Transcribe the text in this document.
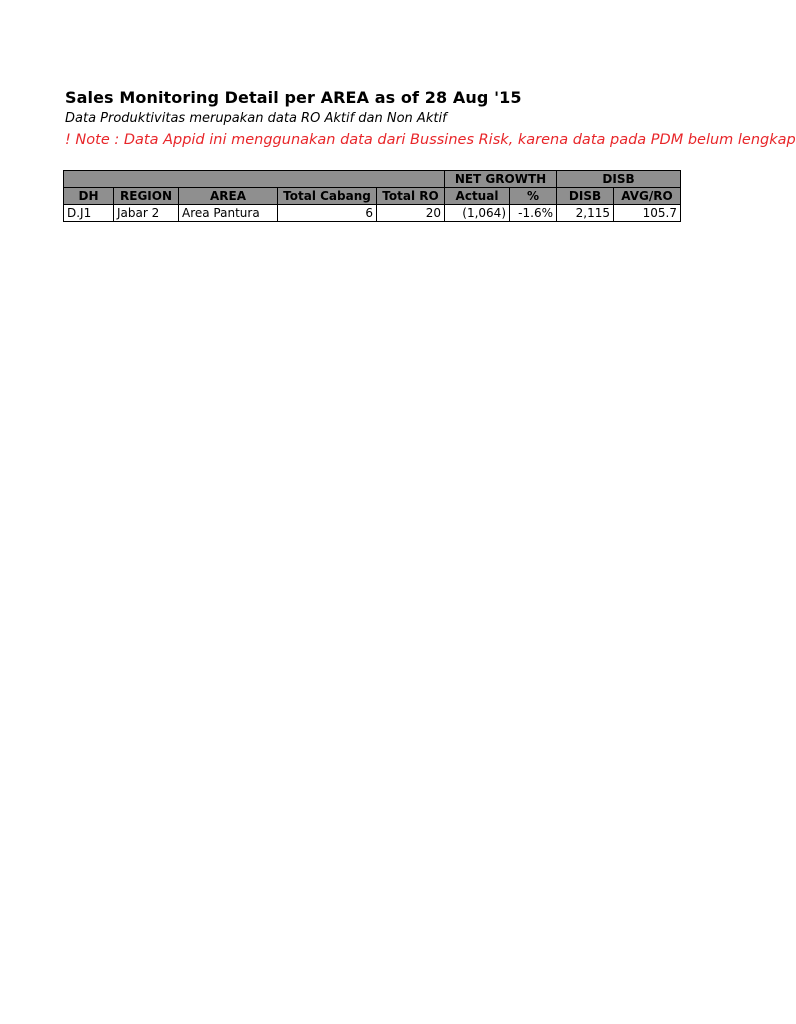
Sales Monitoring Detail per AREA as of 28 Aug '15
Data Produktivitas merupakan data RO Aktif dan Non Aktif
! Note : Data Appid ini menggunakan data dari Bussines Risk, karena data pada PDM belum lengkap
					NET GROWTH		DISB	
DH	REGION	AREA	Total Cabang	Total RO	Actual	%	DISB	AVG/RO
D.J1	Jabar 2	Area Pantura	6	20	(1,064)	-1.6%	2,115	105.7
